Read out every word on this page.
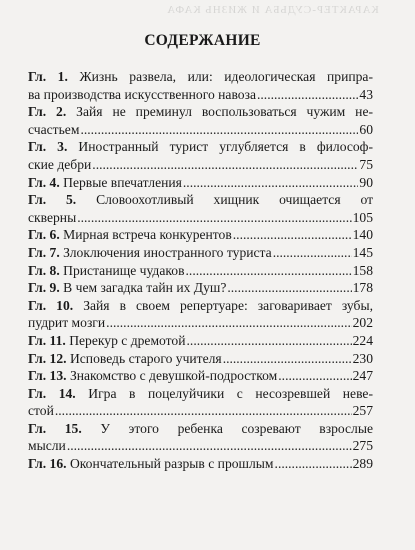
КАРАКТЕР-СУДЬБА И ЖИЗНЬ КАФА
СОДЕРЖАНИЕ
Гл. 1. Жизнь развела, или: идеологическая припра-
ва производства искусственного навоза .....	43
Гл. 2. Зайя не преминул воспользоваться чужим не-
счастьем .....	60
Гл. 3. Иностранный турист углубляется в философ-
ские дебри .....	75
Гл. 4. Первые впечатления .....	90
Гл. 5. Словоохотливый хищник очищается от
скверны .....	105
Гл. 6. Мирная встреча конкурентов .....	140
Гл. 7. Злоключения иностранного туриста .....	145
Гл. 8. Пристанище чудаков .....	158
Гл. 9. В чем загадка тайн их Душ? .....	178
Гл. 10. Зайя в своем репертуаре: заговаривает зубы,
пудрит мозги .....	202
Гл. 11. Перекур с дремотой .....	224
Гл. 12. Исповедь старого учителя .....	230
Гл. 13. Знакомство с девушкой-подростком .....	247
Гл. 14. Игра в поцелуйчики с несозревшей неве-
стой .....	257
Гл. 15. У этого ребенка созревают взрослые
мысли .....	275
Гл. 16. Окончательный разрыв с прошлым .....	289
